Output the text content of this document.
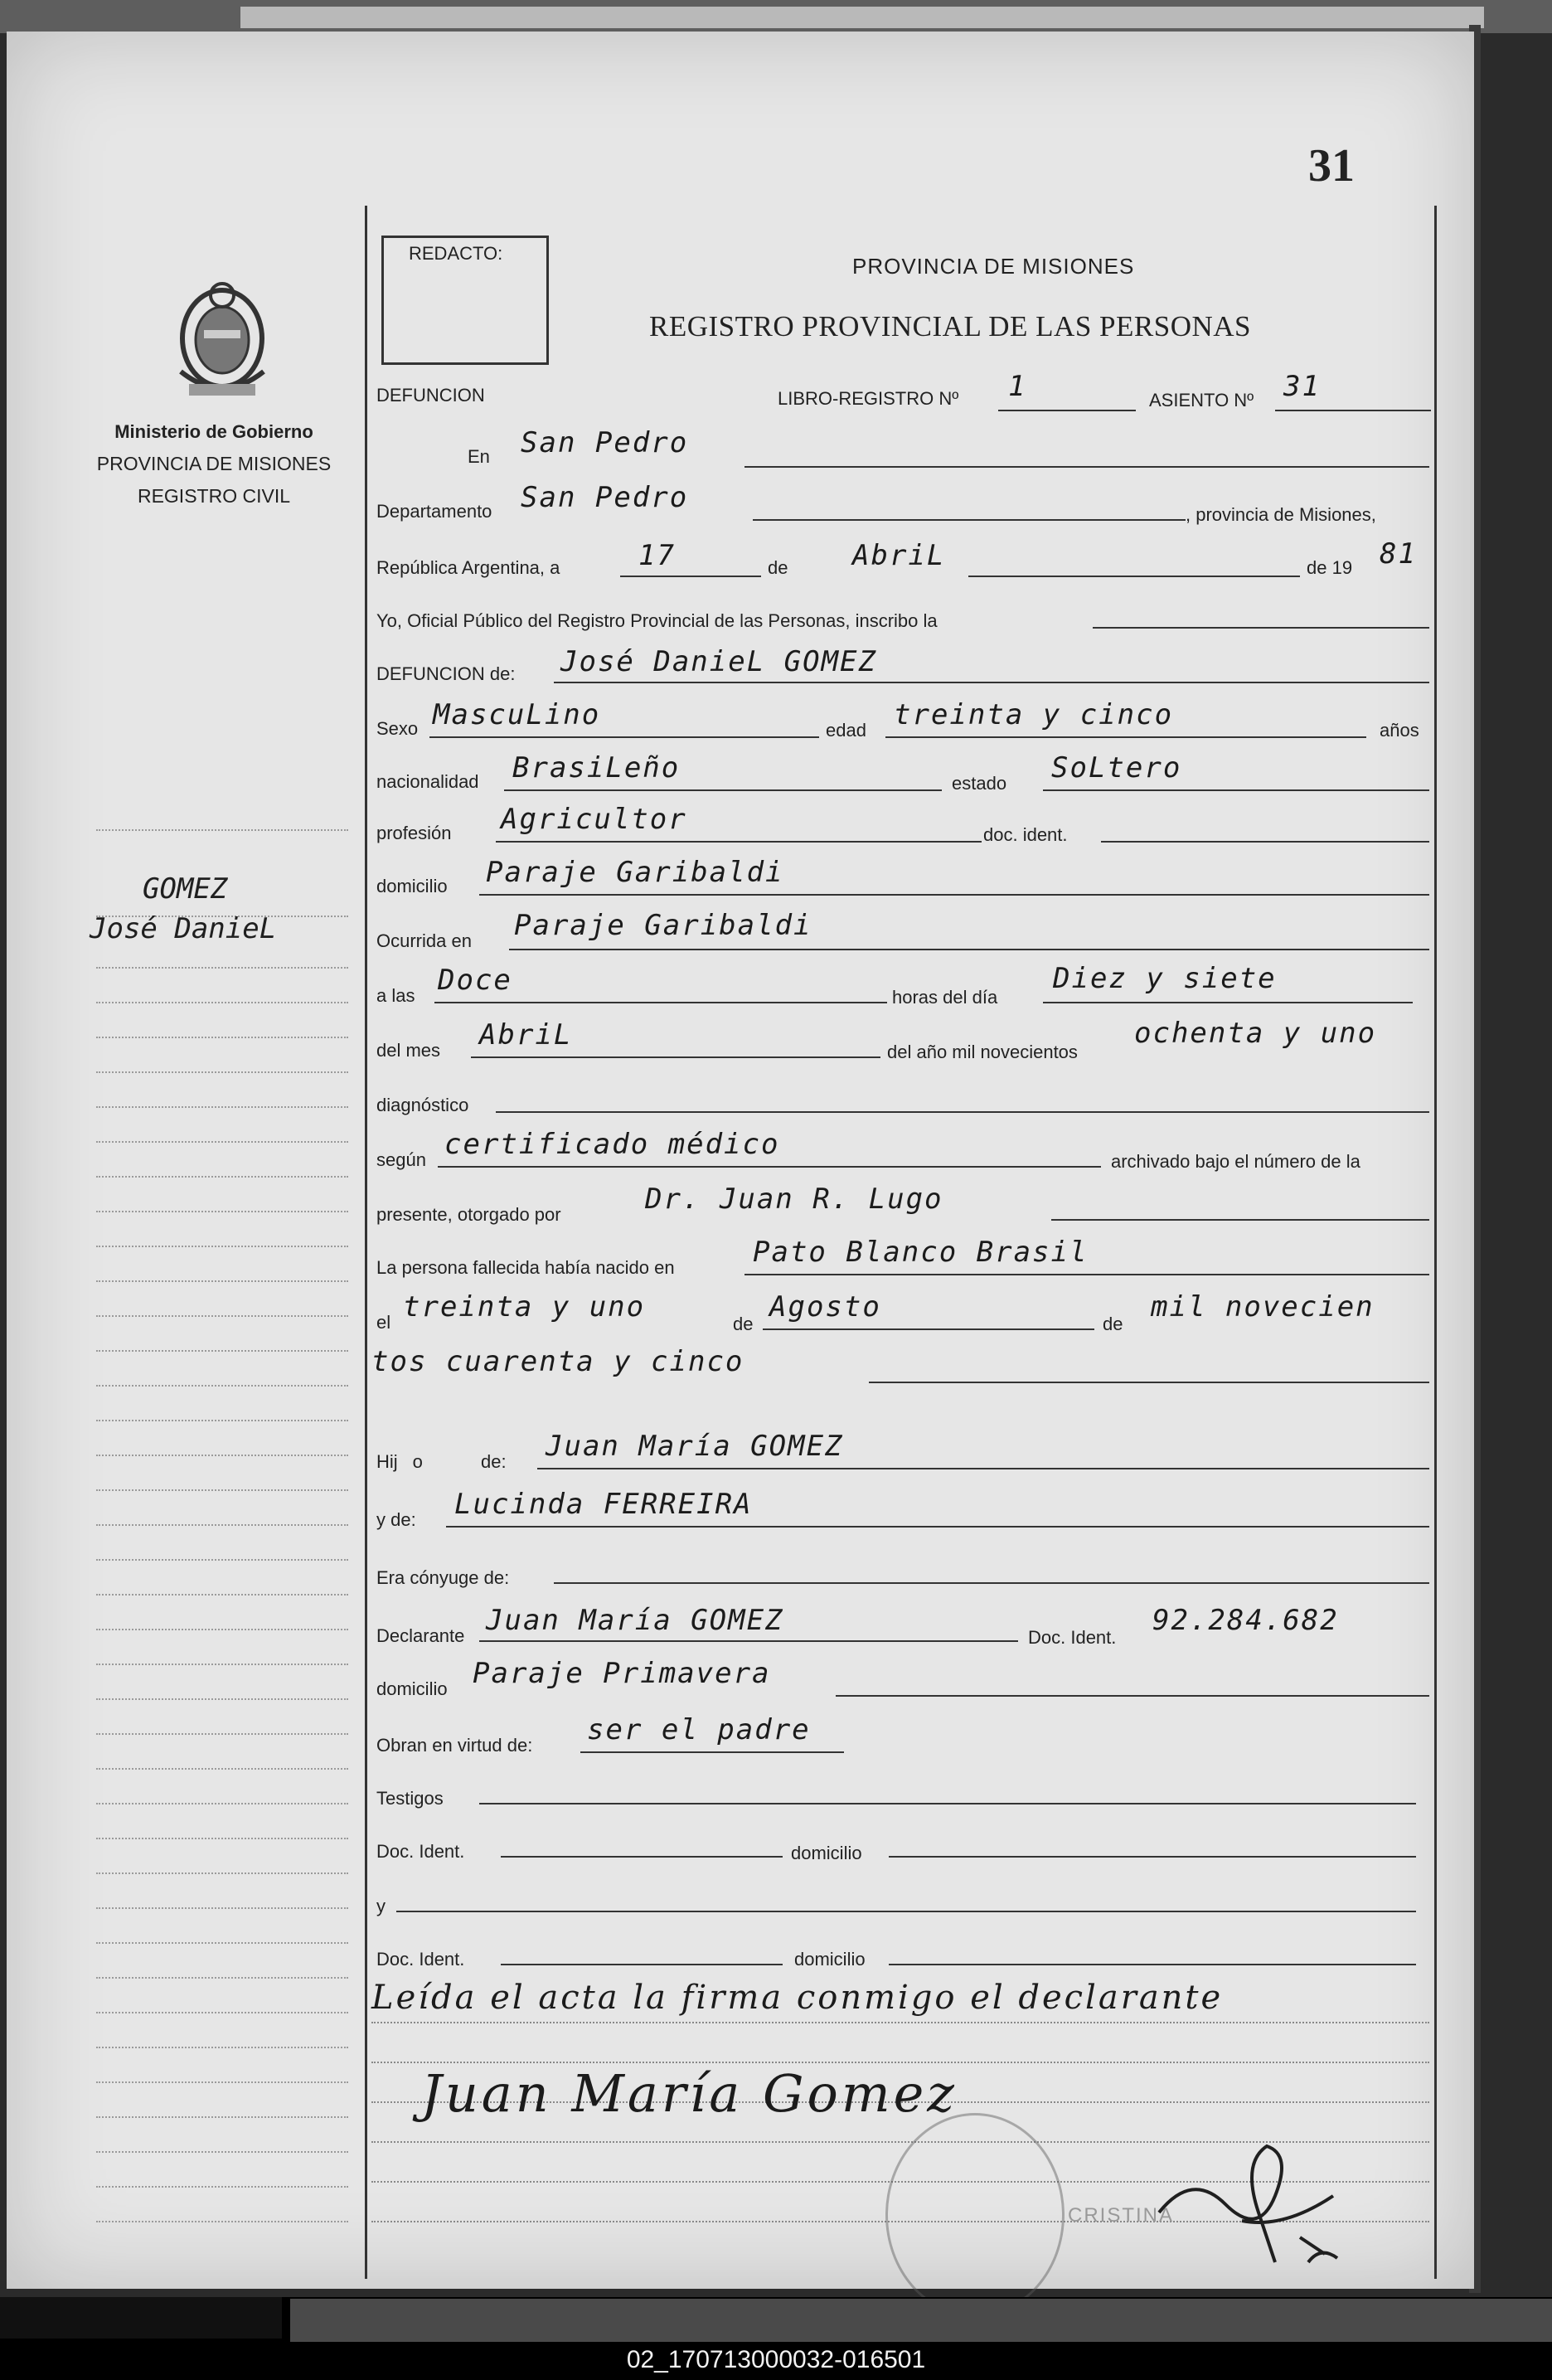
31
Ministerio de Gobierno
PROVINCIA DE MISIONES
REGISTRO CIVIL
GOMEZ
José DanieL
REDACTO:
PROVINCIA DE MISIONES
REGISTRO PROVINCIAL DE LAS PERSONAS
DEFUNCION	LIBRO-REGISTRO Nº 1	ASIENTO Nº 31
En San Pedro
Departamento San Pedro
, provincia de Misiones,
República Argentina, a	17	de AbriL	de 19 81
Yo, Oficial Público del Registro Provincial de las Personas, inscribo la
DEFUNCION de: José DanieL GOMEZ
Sexo MascuLino	edad treinta y cinco	años
nacionalidad BrasiLeño	estado SoLtero
profesión Agricultor	doc. ident.
domicilio Paraje Garibaldi
Ocurrida en Paraje Garibaldi
a las Doce
horas del día
Diez y siete
del mes AbriL
del año mil novecientos
ochenta y uno
diagnóstico
según certificado médico
archivado bajo el número de la
presente, otorgado por	Dr. Juan R. Lugo
La persona fallecida había nacido en	Pato Blanco Brasil
el treinta y uno
de
Agosto
de
mil novecien
tos cuarenta y cinco
Hij o	de: Juan María GOMEZ
y de: Lucinda FERREIRA
Era cónyuge de:
Declarante Juan María GOMEZ
Doc. Ident.
92.284.682
domicilio Paraje Primavera
Obran en virtud de: ser el padre
Testigos
Doc. Ident.	domicilio
y
Doc. Ident.	domicilio
Leída el acta la firma conmigo el declarante
Juan María Gomez
CRISTINA
02_170713000032-016501
